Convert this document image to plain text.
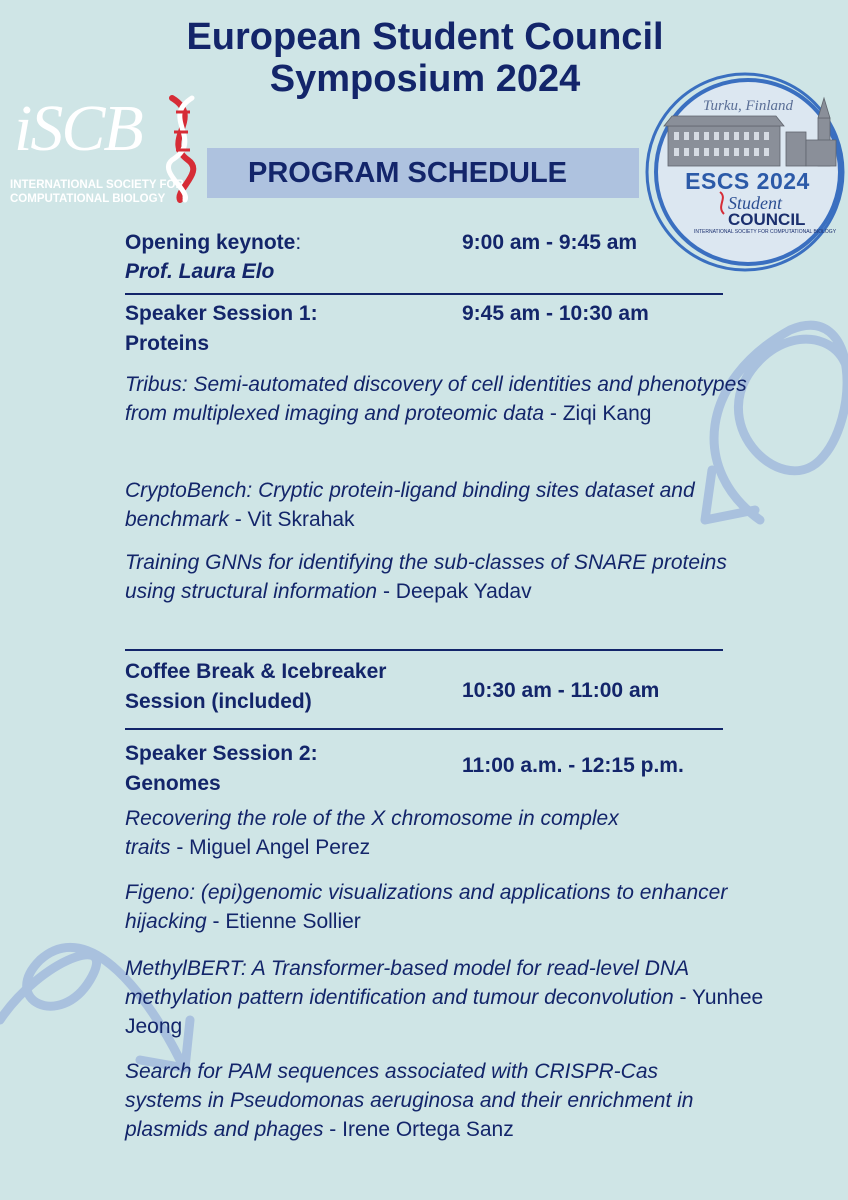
European Student Council Symposium 2024
iSCB
INTERNATIONAL SOCIETY FOR COMPUTATIONAL BIOLOGY
PROGRAM SCHEDULE
Turku, Finland
ESCS 2024
Student
COUNCIL
INTERNATIONAL SOCIETY FOR COMPUTATIONAL BIOLOGY
Opening keynote:
Prof. Laura Elo
9:00 am - 9:45 am
Speaker Session 1:
Proteins
9:45 am - 10:30 am
Tribus: Semi-automated discovery of cell identities and phenotypes from multiplexed imaging and proteomic data - Ziqi Kang
CryptoBench: Cryptic protein-ligand binding sites dataset and benchmark - Vit Skrahak
Training GNNs for identifying the sub-classes of SNARE proteins using structural information - Deepak Yadav
Coffee Break & Icebreaker
Session (included)	10:30 am - 11:00 am
Speaker Session 2:
Genomes
11:00 a.m. - 12:15 p.m.
Recovering the role of the X chromosome in complex traits - Miguel Angel Perez
Figeno: (epi)genomic visualizations and applications to enhancer hijacking - Etienne Sollier
MethylBERT: A Transformer-based model for read-level DNA methylation pattern identification and tumour deconvolution - Yunhee Jeong
Search for PAM sequences associated with CRISPR-Cas systems in Pseudomonas aeruginosa and their enrichment in plasmids and phages - Irene Ortega Sanz
